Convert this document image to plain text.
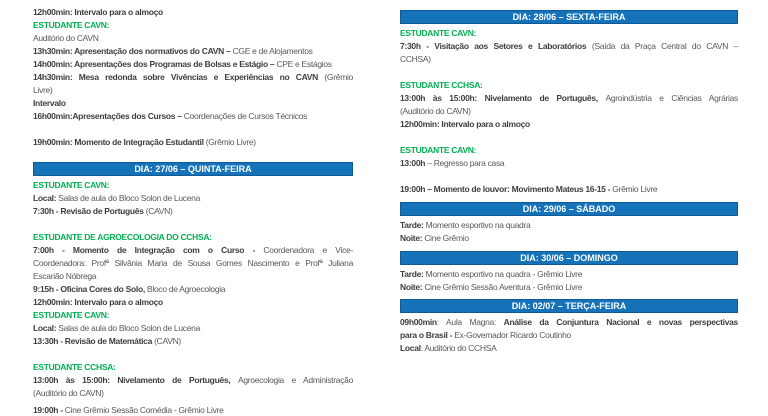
12h00min: Intervalo para o almoço
ESTUDANTE CAVN:
Auditório do CAVN
13h30min: Apresentação dos normativos do CAVN – CGE e de Alojamentos
14h00min: Apresentações dos Programas de Bolsas e Estágio – CPE e Estágios
14h30min: Mesa redonda sobre Vivências e Experiências no CAVN (Grêmio
Livre)
Intervalo
16h00min:Apresentações dos Cursos – Coordenações de Cursos Técnicos
19h00min: Momento de Integração Estudantil (Grêmio Livre)
DIA: 27/06 – QUINTA-FEIRA
ESTUDANTE CAVN:
Local: Salas de aula do Bloco Solon de Lucena
7:30h - Revisão de Português (CAVN)
ESTUDANTE DE AGROECOLOGIA DO CCHSA:
7:00h - Momento de Integração com o Curso - Coordenadora e Vice-
Coordenadora: Profª Silvânia Maria de Sousa Gomes Nascimento e Profª Juliana
Escarião Nóbrega
9:15h - Oficina Cores do Solo, Bloco de Agroecologia
12h00min: Intervalo para o almoço
ESTUDANTE CAVN:
Local: Salas de aula do Bloco Solon de Lucena
13:30h - Revisão de Matemática (CAVN)
ESTUDANTE CCHSA:
13:00h às 15:00h: Nivelamento de Português, Agroecologia e Administração
(Auditório do CAVN)
19:00h - Cine Grêmio Sessão Comédia - Grêmio Livre
DIA: 28/06 – SEXTA-FEIRA
ESTUDANTE CAVN:
7:30h - Visitação aos Setores e Laboratórios (Saída da Praça Central do CAVN –
CCHSA)
ESTUDANTE CCHSA:
13:00h às 15:00h: Nivelamento de Português, Agroindústria e Ciências Agrárias
(Auditório do CAVN)
12h00min: Intervalo para o almoço
ESTUDANTE CAVN:
13:00h – Regresso para casa
19:00h – Momento de louvor: Movimento Mateus 16-15 - Grêmio Livre
DIA: 29/06 – SÁBADO
Tarde: Momento esportivo na quadra
Noite: Cine Grêmio
DIA: 30/06 – DOMINGO
Tarde: Momento esportivo na quadra - Grêmio Livre
Noite: Cine Grêmio Sessão Aventura - Grêmio Livre
DIA: 02/07 – TERÇA-FEIRA
09h00min: Aula Magna: Análise da Conjuntura Nacional e novas perspectivas
para o Brasil - Ex-Governador Ricardo Coutinho
Local: Auditório do CCHSA
